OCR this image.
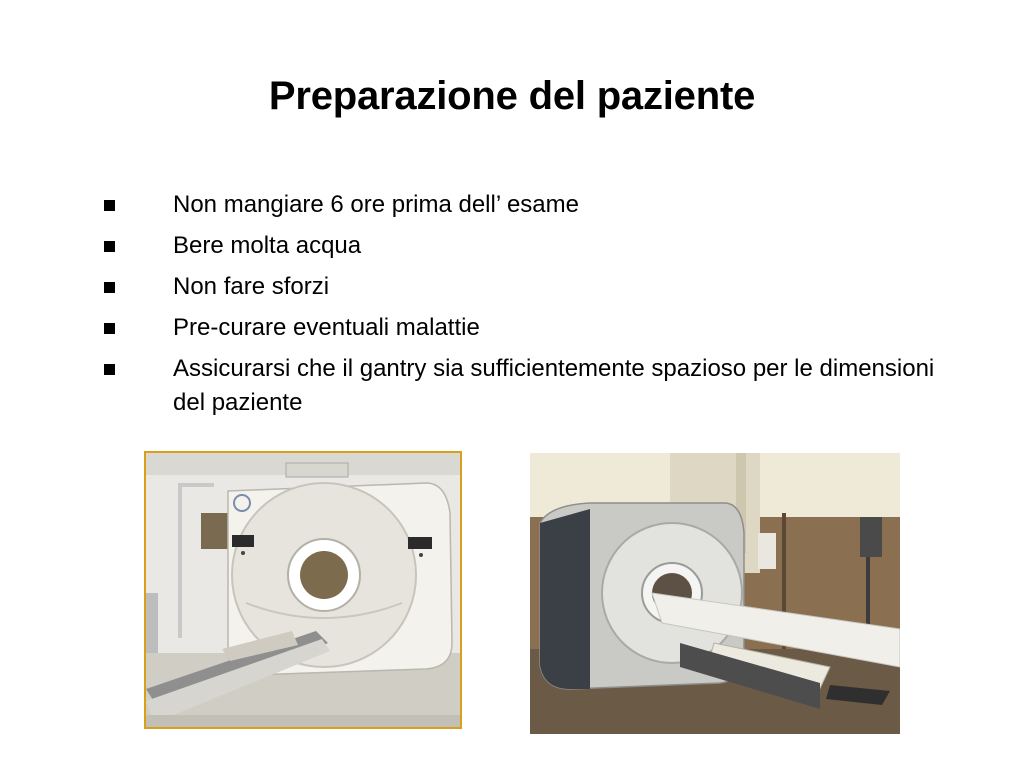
Preparazione del paziente
Non mangiare 6 ore prima dell’ esame
Bere molta acqua
Non fare sforzi
Pre-curare eventuali malattie
Assicurarsi che il gantry sia sufficientemente spazioso per le dimensioni del paziente
